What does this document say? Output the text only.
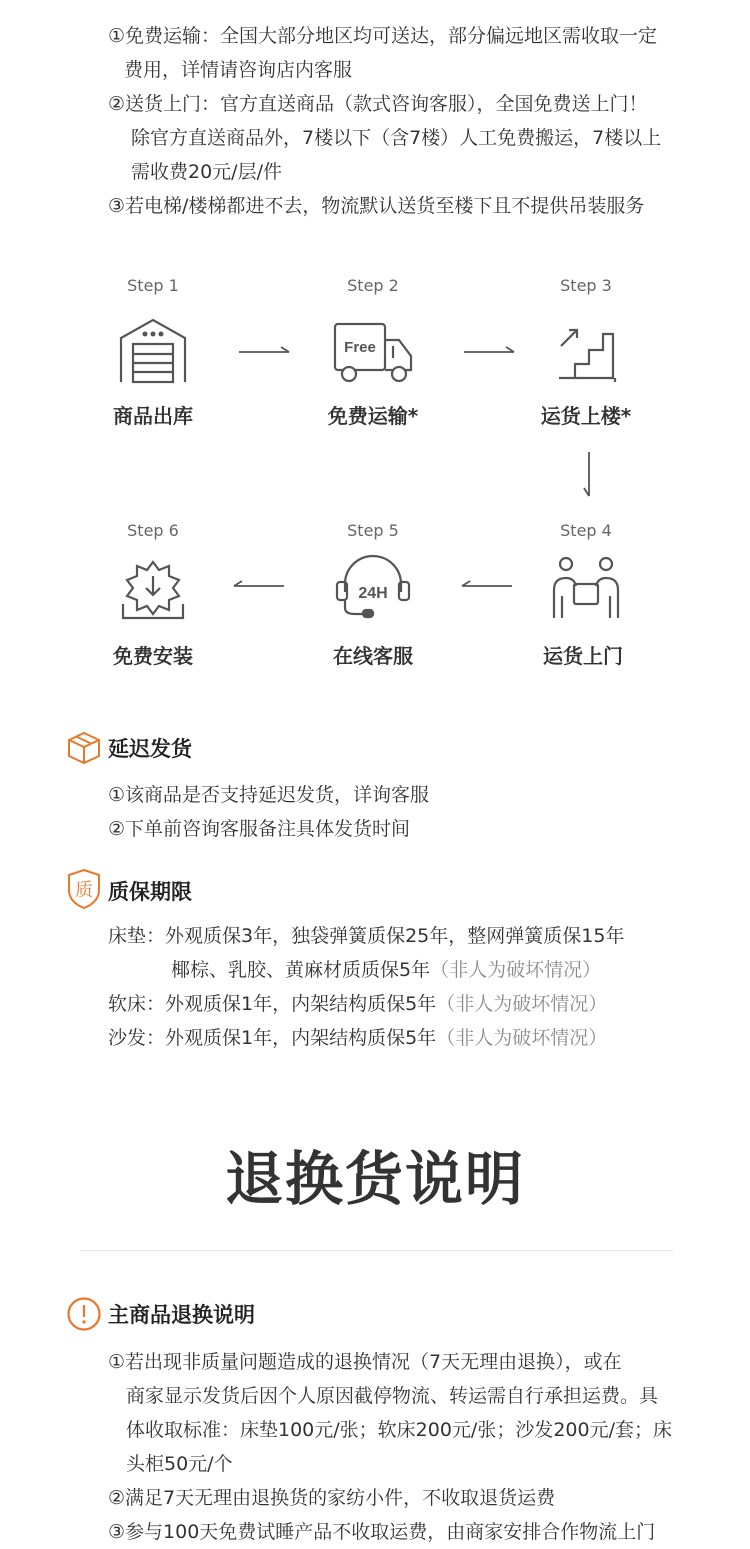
①免费运输：全国大部分地区均可送达，部分偏远地区需收取一定
费用，详情请咨询店内客服
②送货上门：官方直送商品（款式咨询客服），全国免费送上门！
除官方直送商品外，7楼以下（含7楼）人工免费搬运，7楼以上
需收费20元/层/件
③若电梯/楼梯都进不去，物流默认送货至楼下且不提供吊装服务
Step 1
商品出库
Step 2
Free
免费运输*
Step 3
运货上楼*
Step 6
免费安装
Step 5
24H
在线客服
Step 4
运货上门
延迟发货
①该商品是否支持延迟发货，详询客服
②下单前咨询客服备注具体发货时间
质 质保期限
床垫：外观质保3年，独袋弹簧质保25年，整网弹簧质保15年
椰棕、乳胶、黄麻材质质保5年（非人为破坏情况）
软床：外观质保1年，内架结构质保5年（非人为破坏情况）
沙发：外观质保1年，内架结构质保5年（非人为破坏情况）
退换货说明
主商品退换说明
①若出现非质量问题造成的退换情况（7天无理由退换），或在
商家显示发货后因个人原因截停物流、转运需自行承担运费。具
体收取标准：床垫100元/张；软床200元/张；沙发200元/套；床
头柜50元/个
②满足7天无理由退换货的家纺小件，不收取退货运费
③参与100天免费试睡产品不收取运费，由商家安排合作物流上门
